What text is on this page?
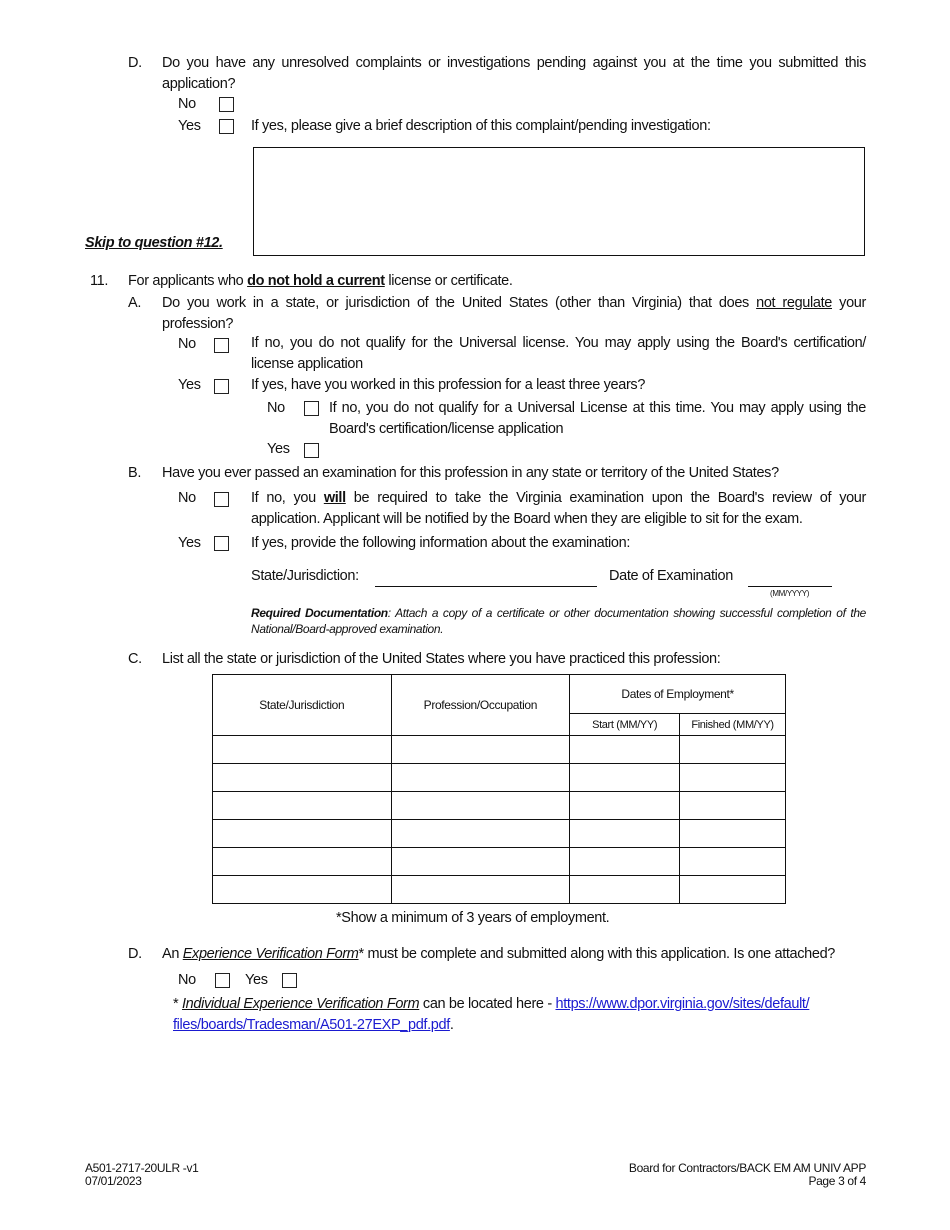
D. Do you have any unresolved complaints or investigations pending against you at the time you submitted this application?
No
Yes	If yes, please give a brief description of this complaint/pending investigation:
Skip to question #12.
11. For applicants who do not hold a current license or certificate.
A. Do you work in a state, or jurisdiction of the United States (other than Virginia) that does not regulate your profession?
No	If no, you do not qualify for the Universal license. You may apply using the Board's certification/ license application
Yes	If yes, have you worked in this profession for a least three years?
No	If no, you do not qualify for a Universal License at this time. You may apply using the Board's certification/license application
Yes
B. Have you ever passed an examination for this profession in any state or territory of the United States?
No	If no, you will be required to take the Virginia examination upon the Board's review of your application. Applicant will be notified by the Board when they are eligible to sit for the exam.
Yes	If yes, provide the following information about the examination:
State/Jurisdiction:	Date of Examination
(MM/YYYY)
Required Documentation: Attach a copy of a certificate or other documentation showing successful completion of the National/Board-approved examination.
C. List all the state or jurisdiction of the United States where you have practiced this profession:
State/Jurisdiction	Profession/Occupation	Dates of Employment*	
		Start (MM/YY)	Finished (MM/YY)

*Show a minimum of 3 years of employment.
D. An Experience Verification Form* must be complete and submitted along with this application. Is one attached?
No	Yes
* Individual Experience Verification Form can be located here - https://www.dpor.virginia.gov/sites/default/
files/boards/Tradesman/A501-27EXP_pdf.pdf.
A501-2717-20ULR -v1
07/01/2023
Board for Contractors/BACK EM AM UNIV APP
Page 3 of 4
